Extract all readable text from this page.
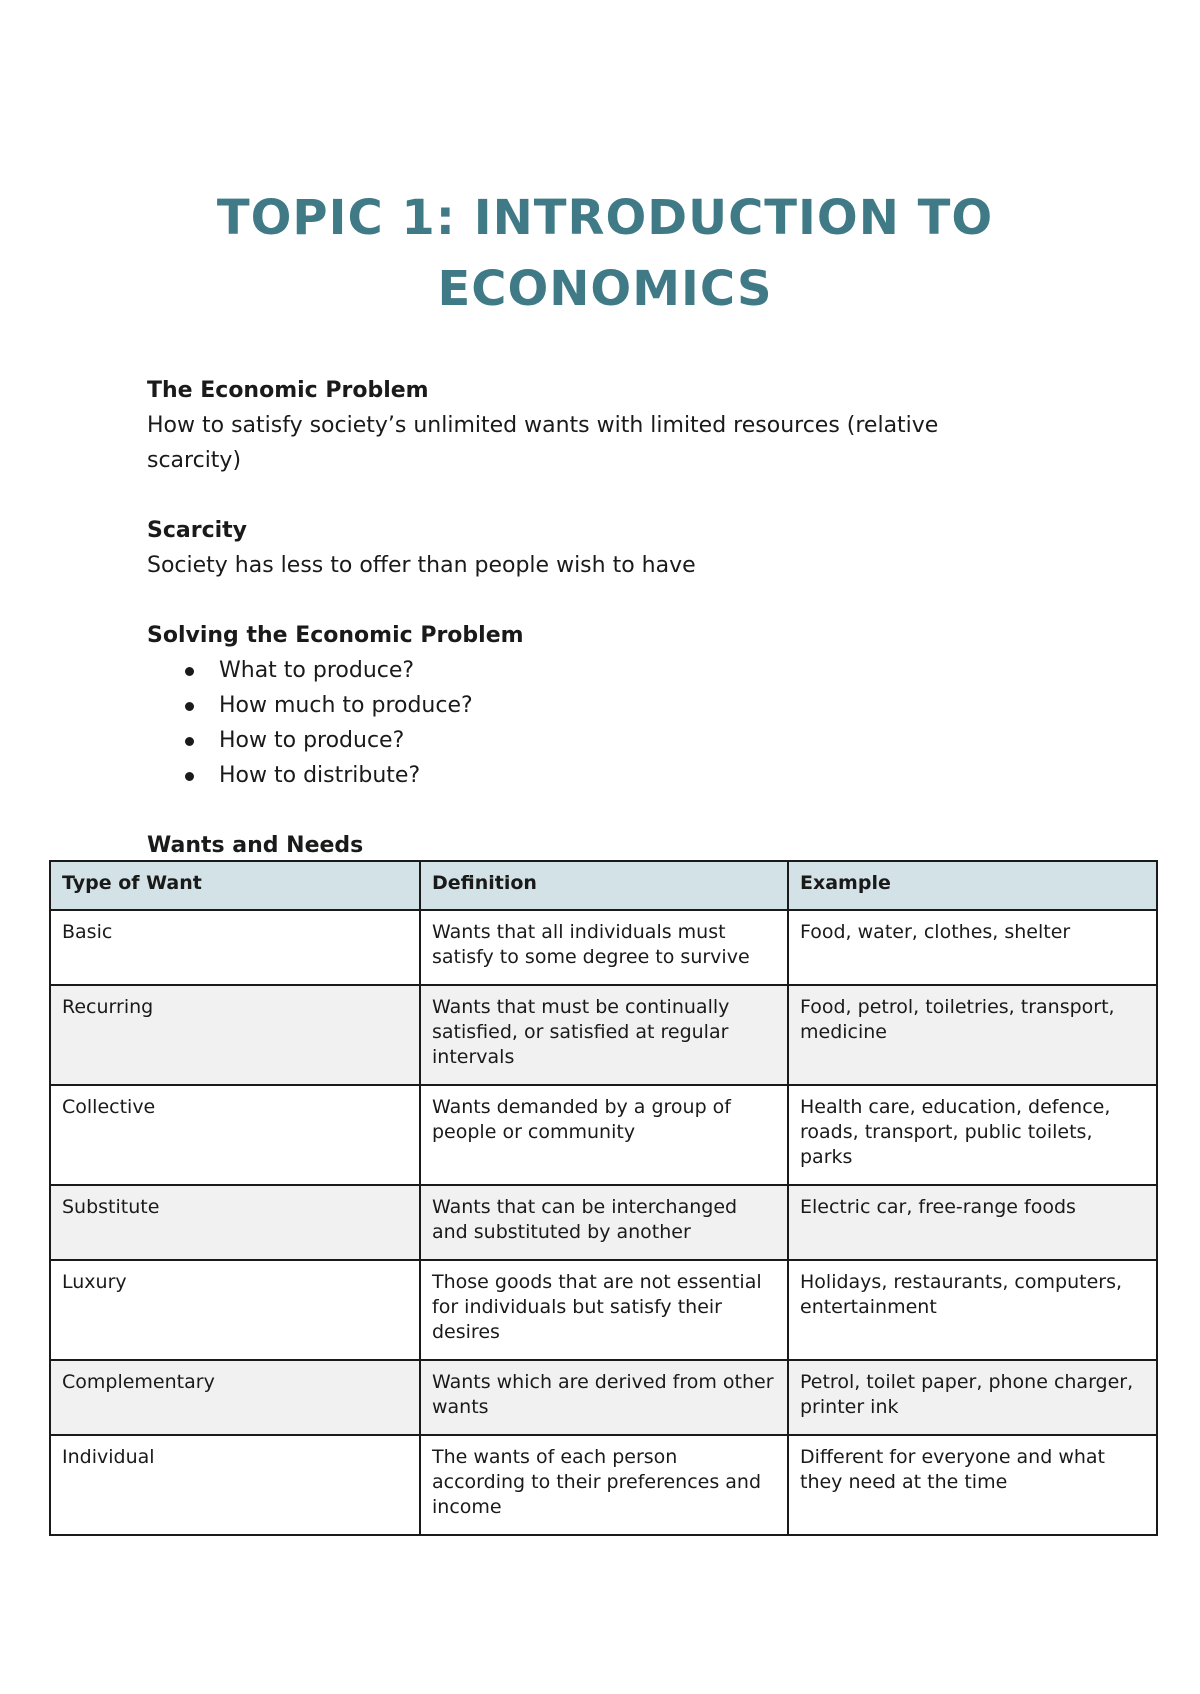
TOPIC 1: INTRODUCTION TO
ECONOMICS

The Economic Problem

How to satisfy society’s unlimited wants with limited resources (relative scarcity)

Scarcity

Society has less to offer than people wish to have

Solving the Economic Problem

What to produce?
How much to produce?
How to produce?
How to distribute?

Wants and Needs

Type of Want	Definition	Example
Basic	Wants that all individuals must satisfy to some degree to survive	Food, water, clothes, shelter
Recurring	Wants that must be continually satisfied, or satisfied at regular intervals	Food, petrol, toiletries, transport, medicine
Collective	Wants demanded by a group of people or community	Health care, education, defence, roads, transport, public toilets, parks
Substitute	Wants that can be interchanged and substituted by another	Electric car, free-range foods
Luxury	Those goods that are not essential for individuals but satisfy their desires	Holidays, restaurants, computers, entertainment
Complementary	Wants which are derived from other wants	Petrol, toilet paper, phone charger, printer ink
Individual	The wants of each person according to their preferences and income	Different for everyone and what they need at the time
